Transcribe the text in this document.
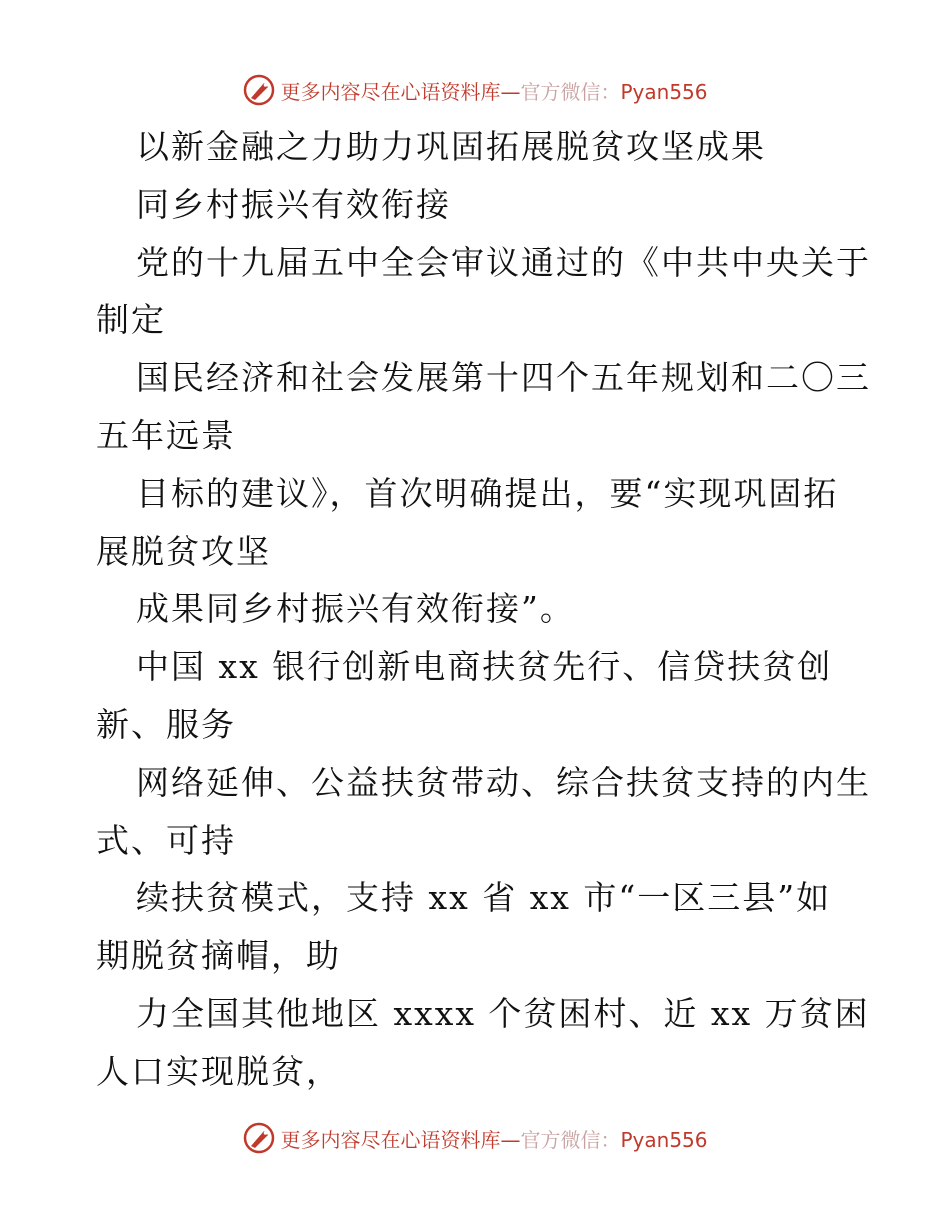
更多内容尽在心语资料库—官方微信：Pyan556
以新金融之力助力巩固拓展脱贫攻坚成果
同乡村振兴有效衔接
党的十九届五中全会审议通过的《中共中央关于
制定
国民经济和社会发展第十四个五年规划和二〇三
五年远景
目标的建议》，首次明确提出，要“实现巩固拓
展脱贫攻坚
成果同乡村振兴有效衔接”。
中国 xx 银行创新电商扶贫先行、信贷扶贫创
新、服务
网络延伸、公益扶贫带动、综合扶贫支持的内生
式、可持
续扶贫模式，支持 xx 省 xx 市“一区三县”如
期脱贫摘帽，助
力全国其他地区 xxxx 个贫困村、近 xx 万贫困
人口实现脱贫，
更多内容尽在心语资料库—官方微信：Pyan556
